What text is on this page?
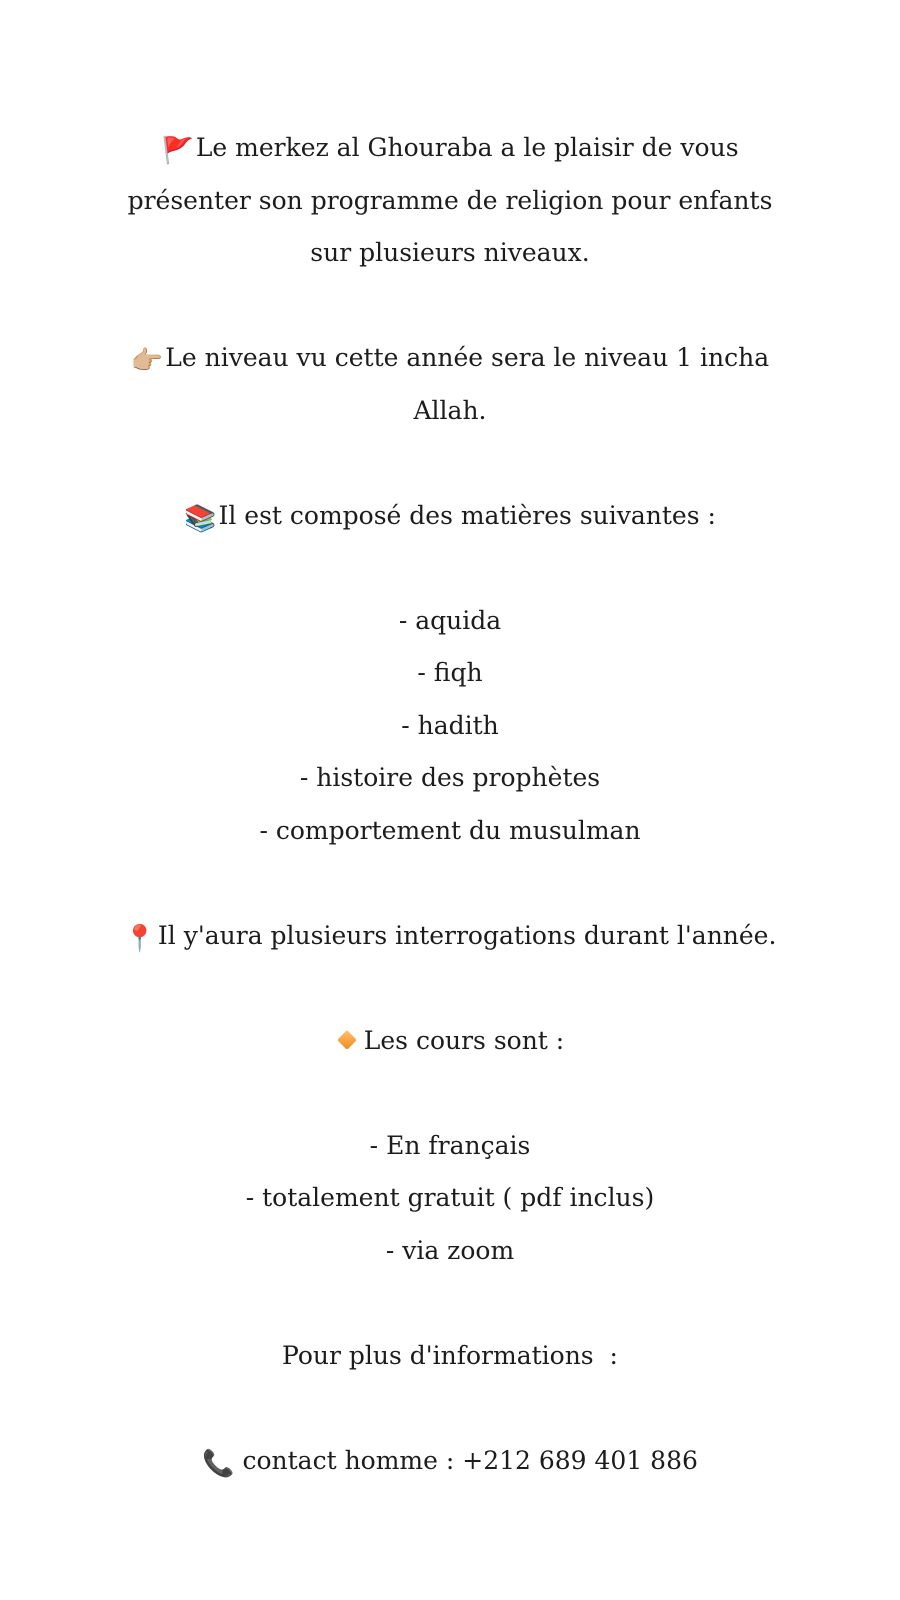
🚩Le merkez al Ghouraba a le plaisir de vous présenter son programme de religion pour enfants sur plusieurs niveaux.
👉🏼Le niveau vu cette année sera le niveau 1 incha Allah.
📚Il est composé des matières suivantes :
- aquida
- fiqh
- hadith
- histoire des prophètes
- comportement du musulman
📍Il y'aura plusieurs interrogations durant l'année.
Les cours sont :
- En français
- totalement gratuit ( pdf inclus)
- via zoom
Pour plus d'informations  :
📞 contact homme : +212 689 401 886
